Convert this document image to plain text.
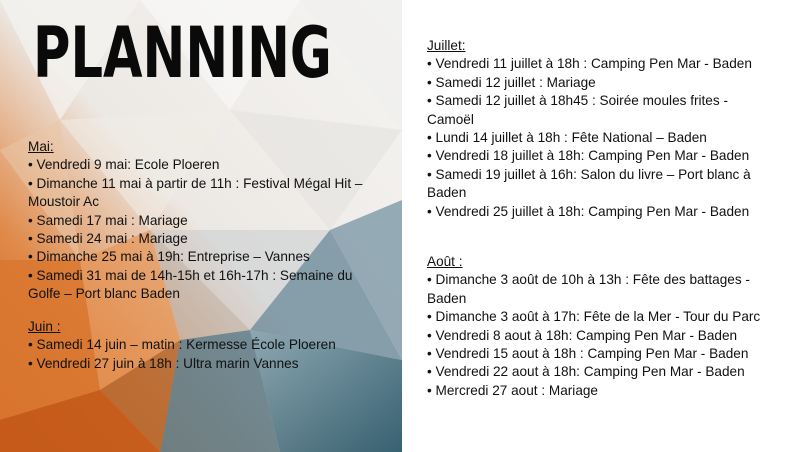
PLANNING

Mai:

• Vendredi 9 mai: Ecole Ploeren
• Dimanche 11 mai à partir de 11h : Festival Mégal Hit – Moustoir Ac
• Samedi 17 mai : Mariage
• Samedi 24 mai : Mariage
• Dimanche 25 mai à 19h: Entreprise – Vannes
• Samedi 31 mai de 14h-15h et 16h-17h : Semaine du Golfe – Port blanc Baden

Juin :

• Samedi 14 juin – matin : Kermesse École Ploeren
• Vendredi 27 juin à 18h : Ultra marin Vannes

Juillet:

• Vendredi 11 juillet à 18h : Camping Pen Mar - Baden
• Samedi 12 juillet : Mariage
• Samedi 12 juillet à 18h45 : Soirée moules frites - Camoël
• Lundi 14 juillet à 18h : Fête National – Baden
• Vendredi 18 juillet à 18h: Camping Pen Mar - Baden
• Samedi 19 juillet à 16h: Salon du livre – Port blanc à Baden
• Vendredi 25 juillet à 18h: Camping Pen Mar - Baden

Août :

• Dimanche 3 août de 10h à 13h : Fête des battages - Baden
• Dimanche 3 août à 17h: Fête de la Mer - Tour du Parc
• Vendredi 8 aout à 18h: Camping Pen Mar - Baden
• Vendredi 15 aout à 18h : Camping Pen Mar - Baden
• Vendredi 22 aout à 18h: Camping Pen Mar - Baden
• Mercredi 27 aout : Mariage
